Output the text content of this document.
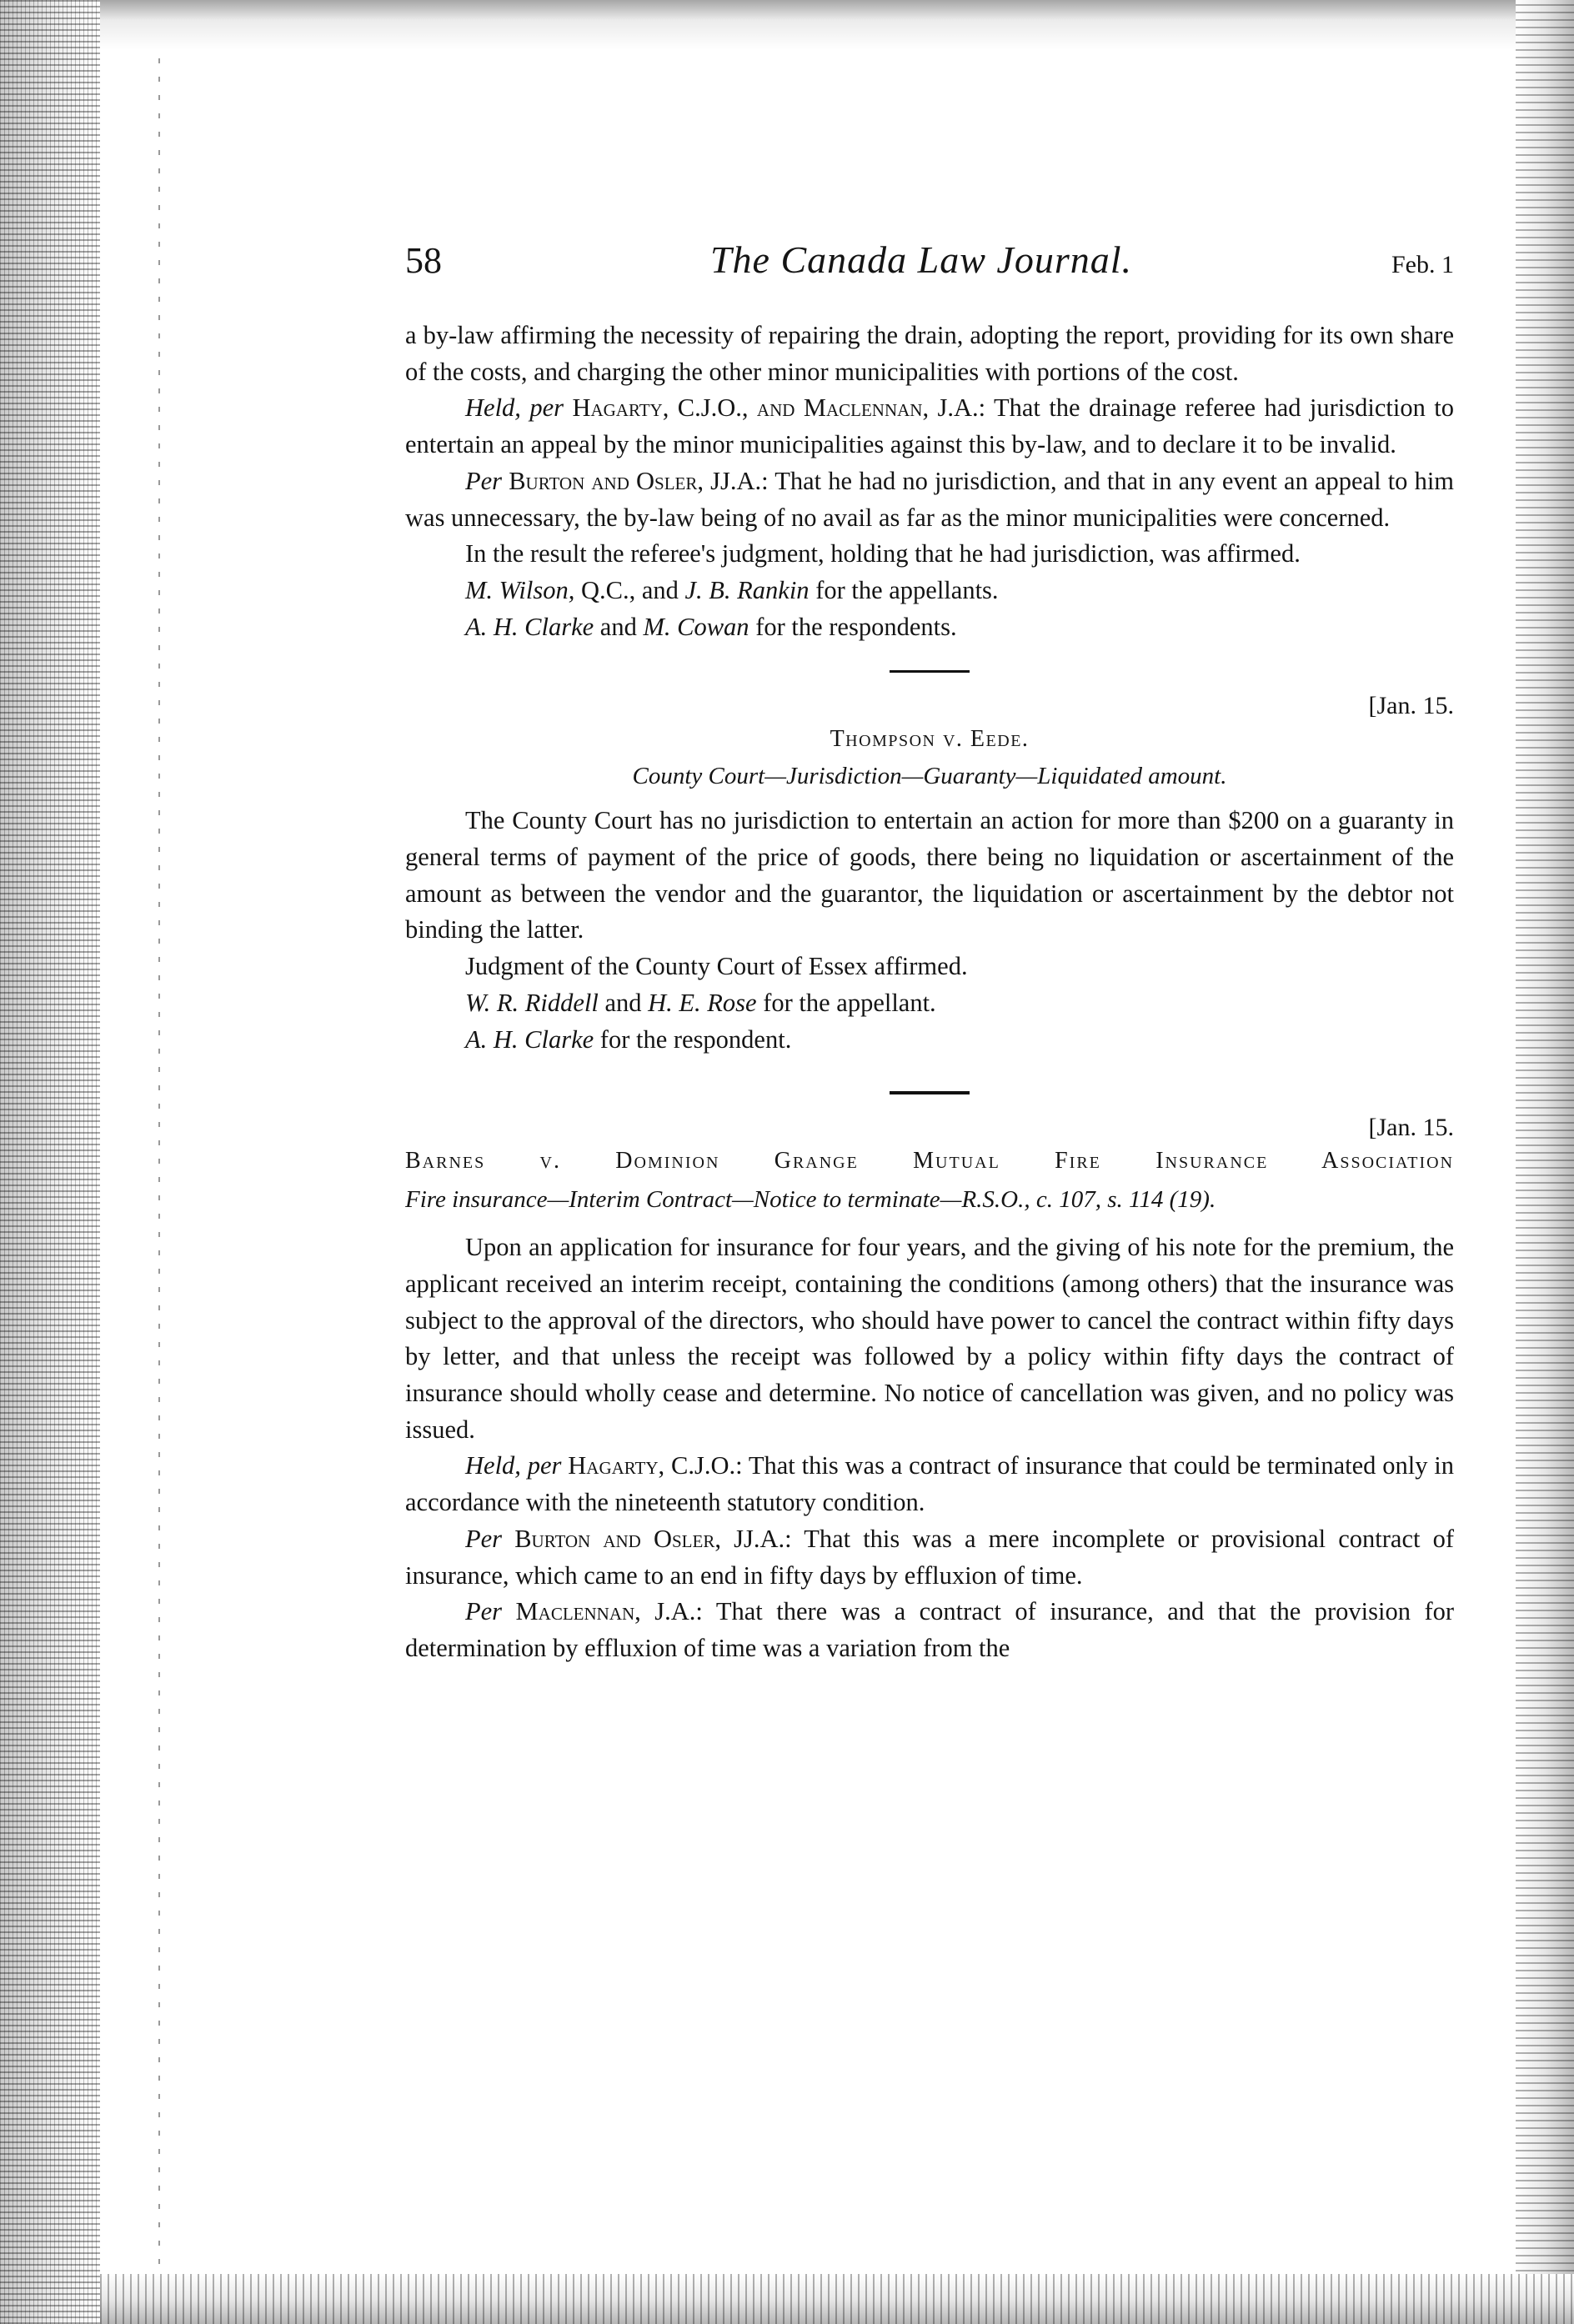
58	The Canada Law Journal.	Feb. 1

a by-law affirming the necessity of repairing the drain, adopting the report, providing for its own share of the costs, and charging the other minor municipalities with portions of the cost.

Held, per Hagarty, C.J.O., and Maclennan, J.A.: That the drainage referee had jurisdiction to entertain an appeal by the minor municipalities against this by-law, and to declare it to be invalid.

Per Burton and Osler, JJ.A.: That he had no jurisdiction, and that in any event an appeal to him was unnecessary, the by-law being of no avail as far as the minor municipalities were concerned.

In the result the referee's judgment, holding that he had jurisdiction, was affirmed.

M. Wilson, Q.C., and J. B. Rankin for the appellants.

A. H. Clarke and M. Cowan for the respondents.

[Jan. 15.
Thompson v. Eede.
County Court—Jurisdiction—Guaranty—Liquidated amount.

The County Court has no jurisdiction to entertain an action for more than $200 on a guaranty in general terms of payment of the price of goods, there being no liquidation or ascertainment of the amount as between the vendor and the guarantor, the liquidation or ascertainment by the debtor not binding the latter.

Judgment of the County Court of Essex affirmed.

W. R. Riddell and H. E. Rose for the appellant.

A. H. Clarke for the respondent.

[Jan. 15.
Barnes v. Dominion Grange Mutual Fire Insurance Association
Fire insurance—Interim Contract—Notice to terminate—R.S.O., c. 107, s. 114 (19).

Upon an application for insurance for four years, and the giving of his note for the premium, the applicant received an interim receipt, containing the conditions (among others) that the insurance was subject to the approval of the directors, who should have power to cancel the contract within fifty days by letter, and that unless the receipt was followed by a policy within fifty days the contract of insurance should wholly cease and determine. No notice of cancellation was given, and no policy was issued.

Held, per Hagarty, C.J.O.: That this was a contract of insurance that could be terminated only in accordance with the nineteenth statutory condition.

Per Burton and Osler, JJ.A.: That this was a mere incomplete or provisional contract of insurance, which came to an end in fifty days by effluxion of time.

Per Maclennan, J.A.: That there was a contract of insurance, and that the provision for determination by effluxion of time was a variation from the
